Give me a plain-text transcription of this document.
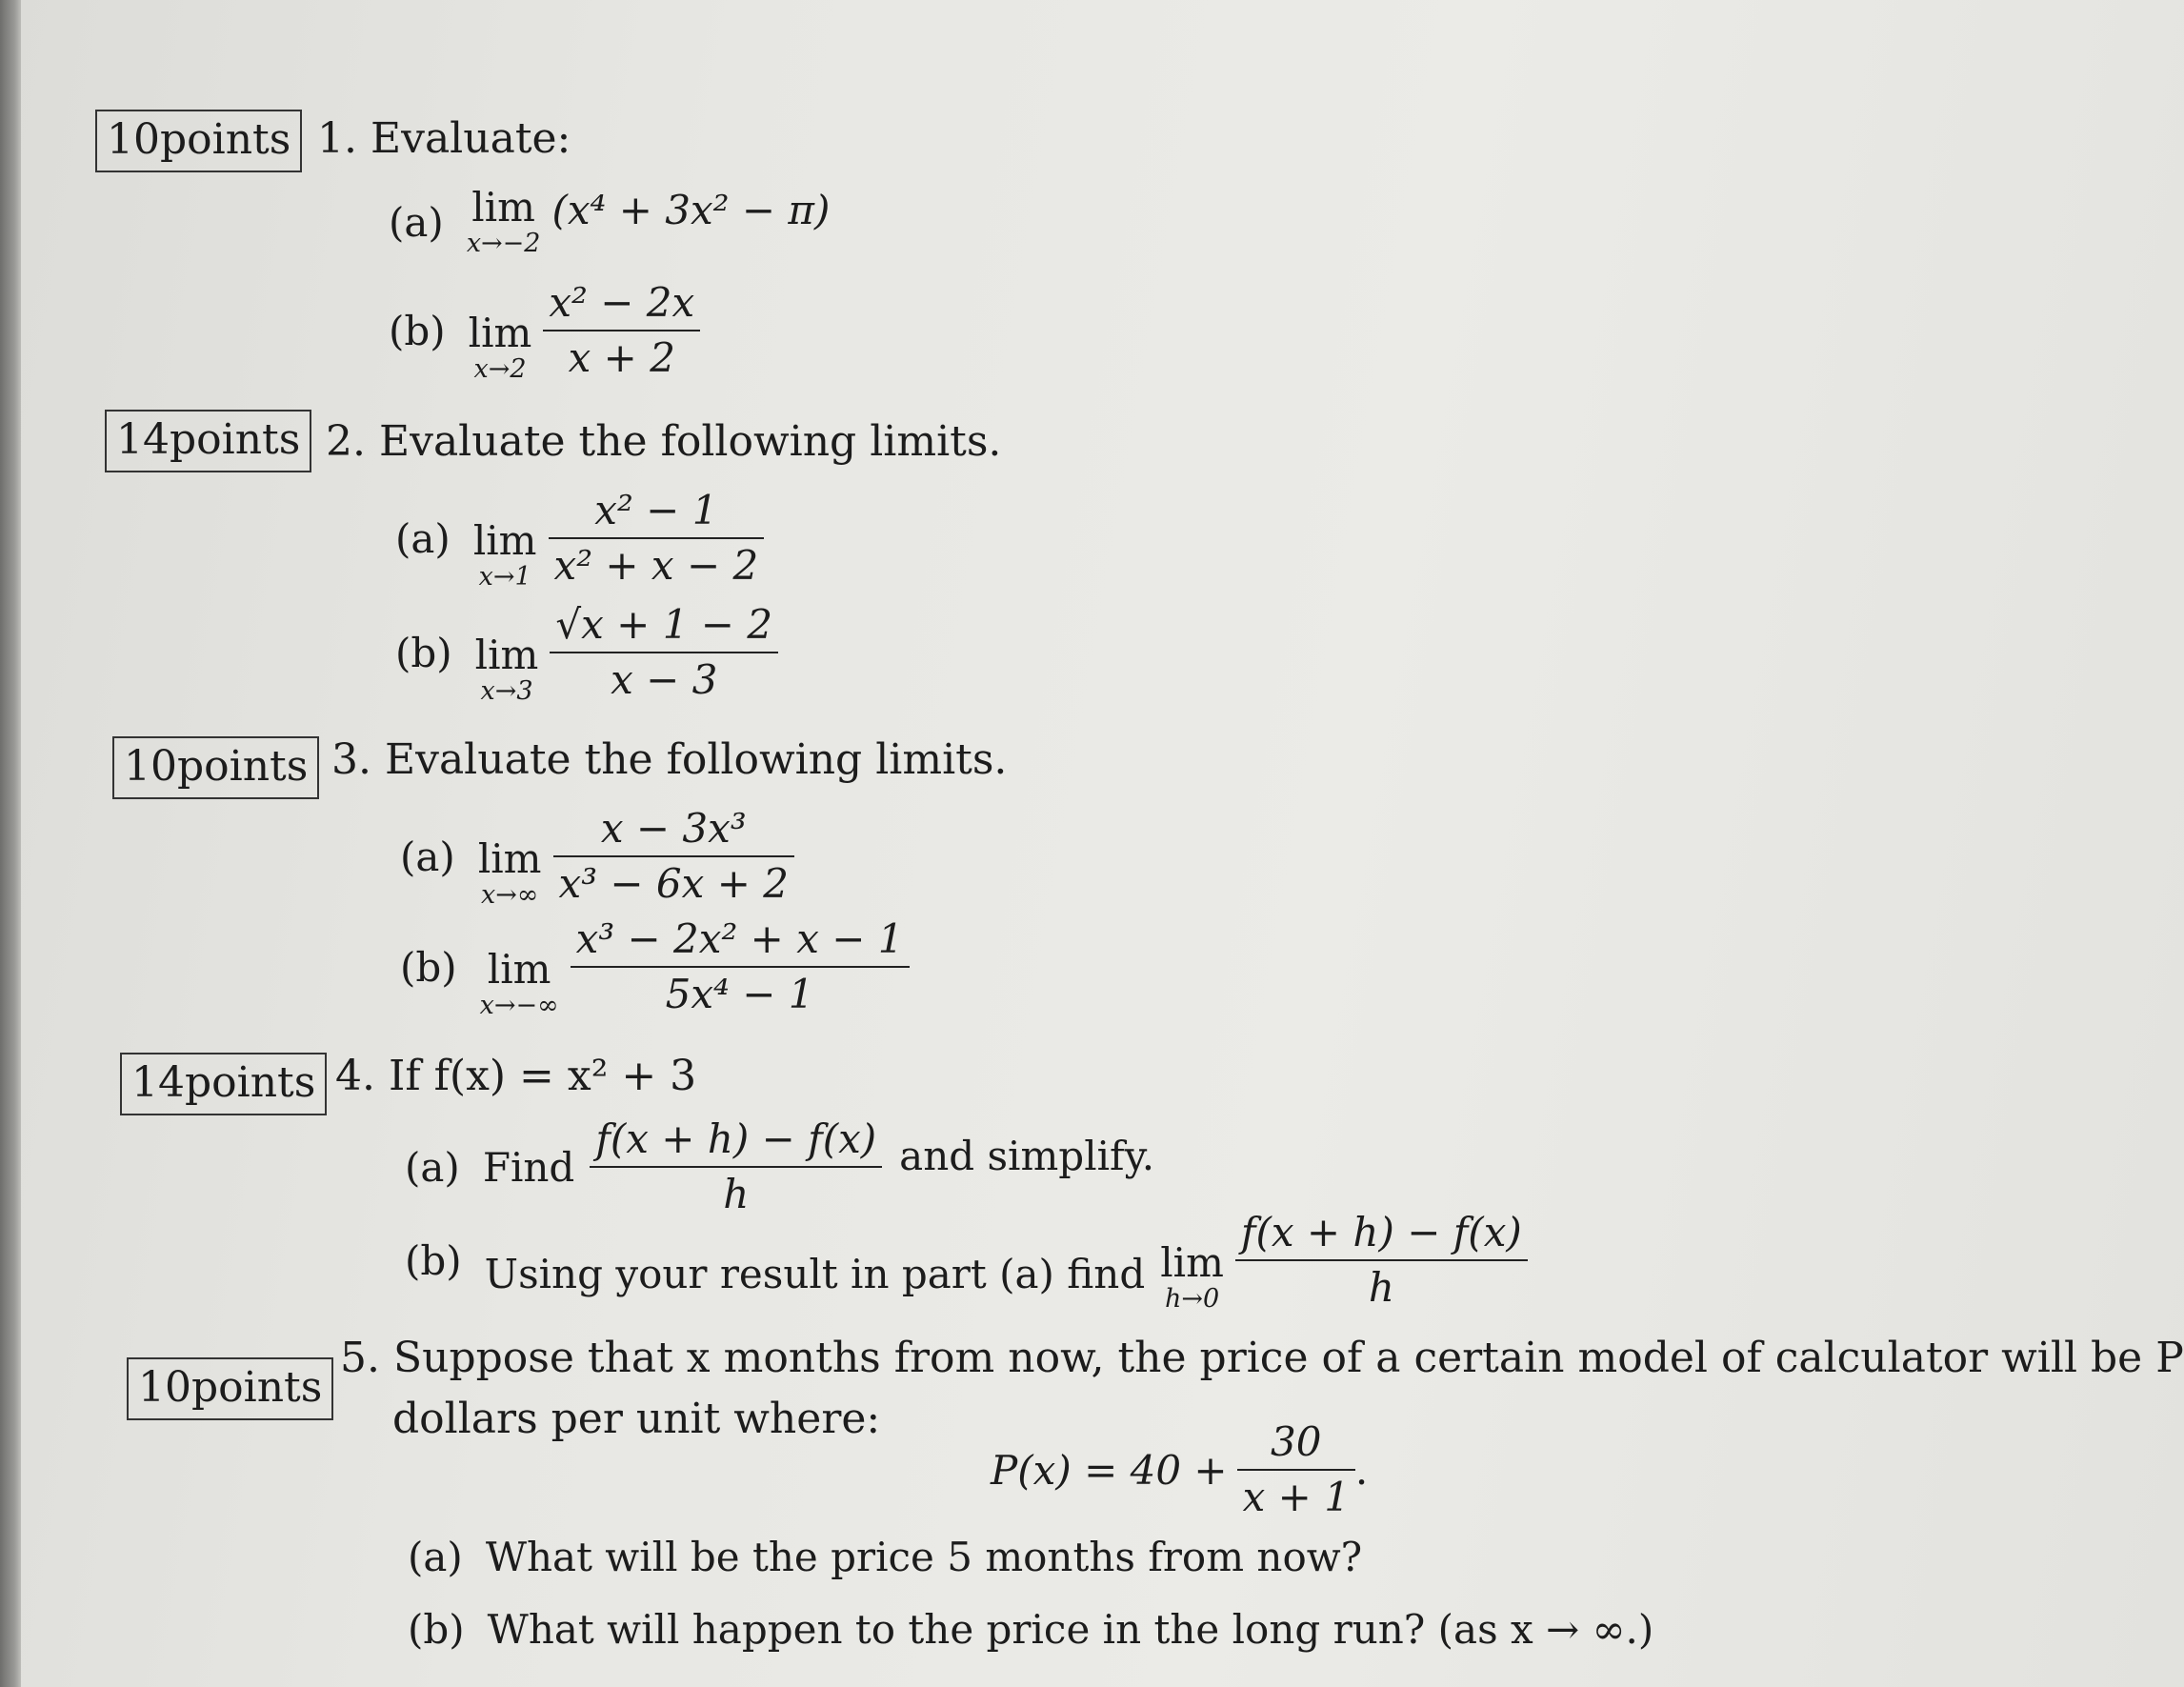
10points 1. Evaluate:
(a) lim
x→−2
(x⁴ + 3x² − π)
(b) lim
$x\to 2 \frac{\text{x² − 2x}}{x + 2}$
14points 2. Evaluate the following limits.
(a) lim
$x\to 1 \frac{\text{x² − 1}}{\text{x² + x − 2}}$
(b) lim
$x\to 3 \frac{√x + 1 - 2}{x - 3}$
10points 3. Evaluate the following limits.
(a) lim
$x\to\infty \frac{\text{x − 3x³}}{\text{x³ − 6x + 2}}$
(b) lim
$x\to-\infty \frac{\text{x³ − 2x² + x − 1}}{\text{5x⁴ − 1}}$
14points 4. If f(x) = x² + 3
(a) Find $\frac{f(x + h) - f(x)}{h}$ and simplify.
(b) Using your result in part (a) find lim
$h\to 0 \frac{f(x + h) - f(x)}{h}$
10points
5. Suppose that x months from now, the price of a certain model of calculator will be P
dollars per unit where:
$P(x) = 40 + \frac{30}{x + 1}$ .
(a) What will be the price 5 months from now?
(b) What will happen to the price in the long run? (as x → ∞.)
